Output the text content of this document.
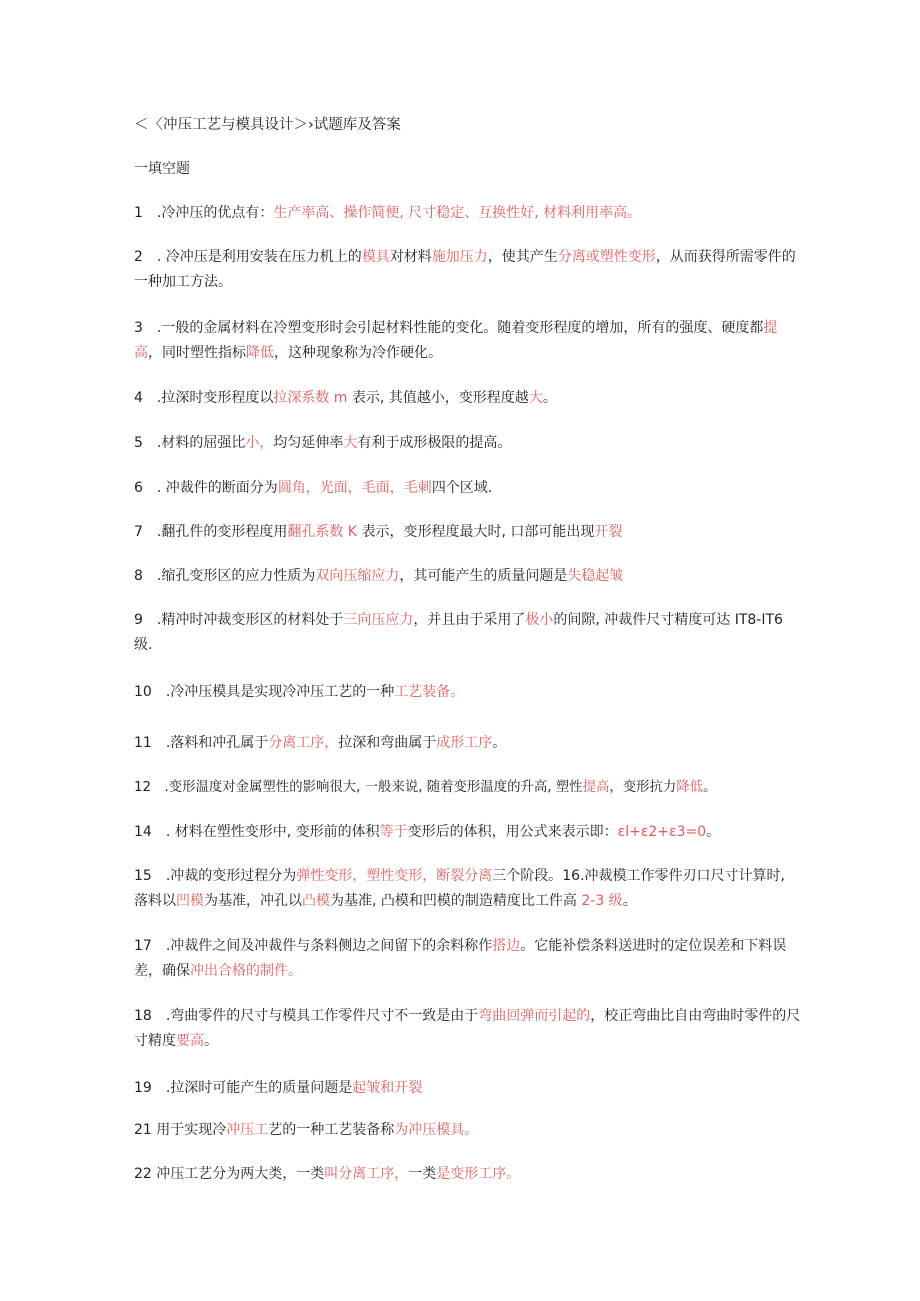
＜〈冲压工艺与模具设计＞›试题库及答案
一填空题
1　.冷冲压的优点有：生产率高、操作简便, 尺寸稳定、互换性好, 材料利用率高。
2　. 冷冲压是利用安装在压力机上的模具对材料施加压力，使其产生分离或塑性变形，从而获得所需零件的一种加工方法。
3　.一般的金属材料在冷塑变形时会引起材料性能的变化。随着变形程度的增加，所有的强度、硬度都提高，同时塑性指标降低，这种现象称为冷作硬化。
4　.拉深时变形程度以拉深系数 m 表示, 其值越小，变形程度越大。
5　.材料的屈强比小，均匀延伸率大有利于成形极限的提高。
6　. 冲裁件的断面分为圆角，光面，毛面，毛刺四个区域.
7　.翻孔件的变形程度用翻孔系数 K 表示，变形程度最大时, 口部可能出现开裂
8　.缩孔变形区的应力性质为双向压缩应力，其可能产生的质量问题是失稳起皱
9　.精冲时冲裁变形区的材料处于三向压应力，并且由于采用了极小的间隙, 冲裁件尺寸精度可达 IT8-IT6 级.
10　.冷冲压模具是实现冷冲压工艺的一种工艺装备。
11　.落料和冲孔属于分离工序，拉深和弯曲属于成形工序。
12　.变形温度对金属塑性的影响很大, 一般来说, 随着变形温度的升高, 塑性提高，变形抗力降低。
14　. 材料在塑性变形中, 变形前的体积等于变形后的体积，用公式来表示即：εl+ε2+ε3=0。
15　.冲裁的变形过程分为弹性变形，塑性变形，断裂分离三个阶段。16.冲裁模工作零件刃口尺寸计算时, 落料以凹模为基准，冲孔以凸模为基准, 凸模和凹模的制造精度比工件高 2-3 级。
17　.冲裁件之间及冲裁件与条料侧边之间留下的余料称作搭边。它能补偿条料送进时的定位误差和下料误差，确保冲出合格的制件。
18　.弯曲零件的尺寸与模具工作零件尺寸不一致是由于弯曲回弹而引起的，校正弯曲比自由弯曲时零件的尺寸精度要高。
19　.拉深时可能产生的质量问题是起皱和开裂
21 用于实现冷冲压工艺的一种工艺装备称为冲压模具。
22 冲压工艺分为两大类，一类叫分离工序，一类是变形工序。
